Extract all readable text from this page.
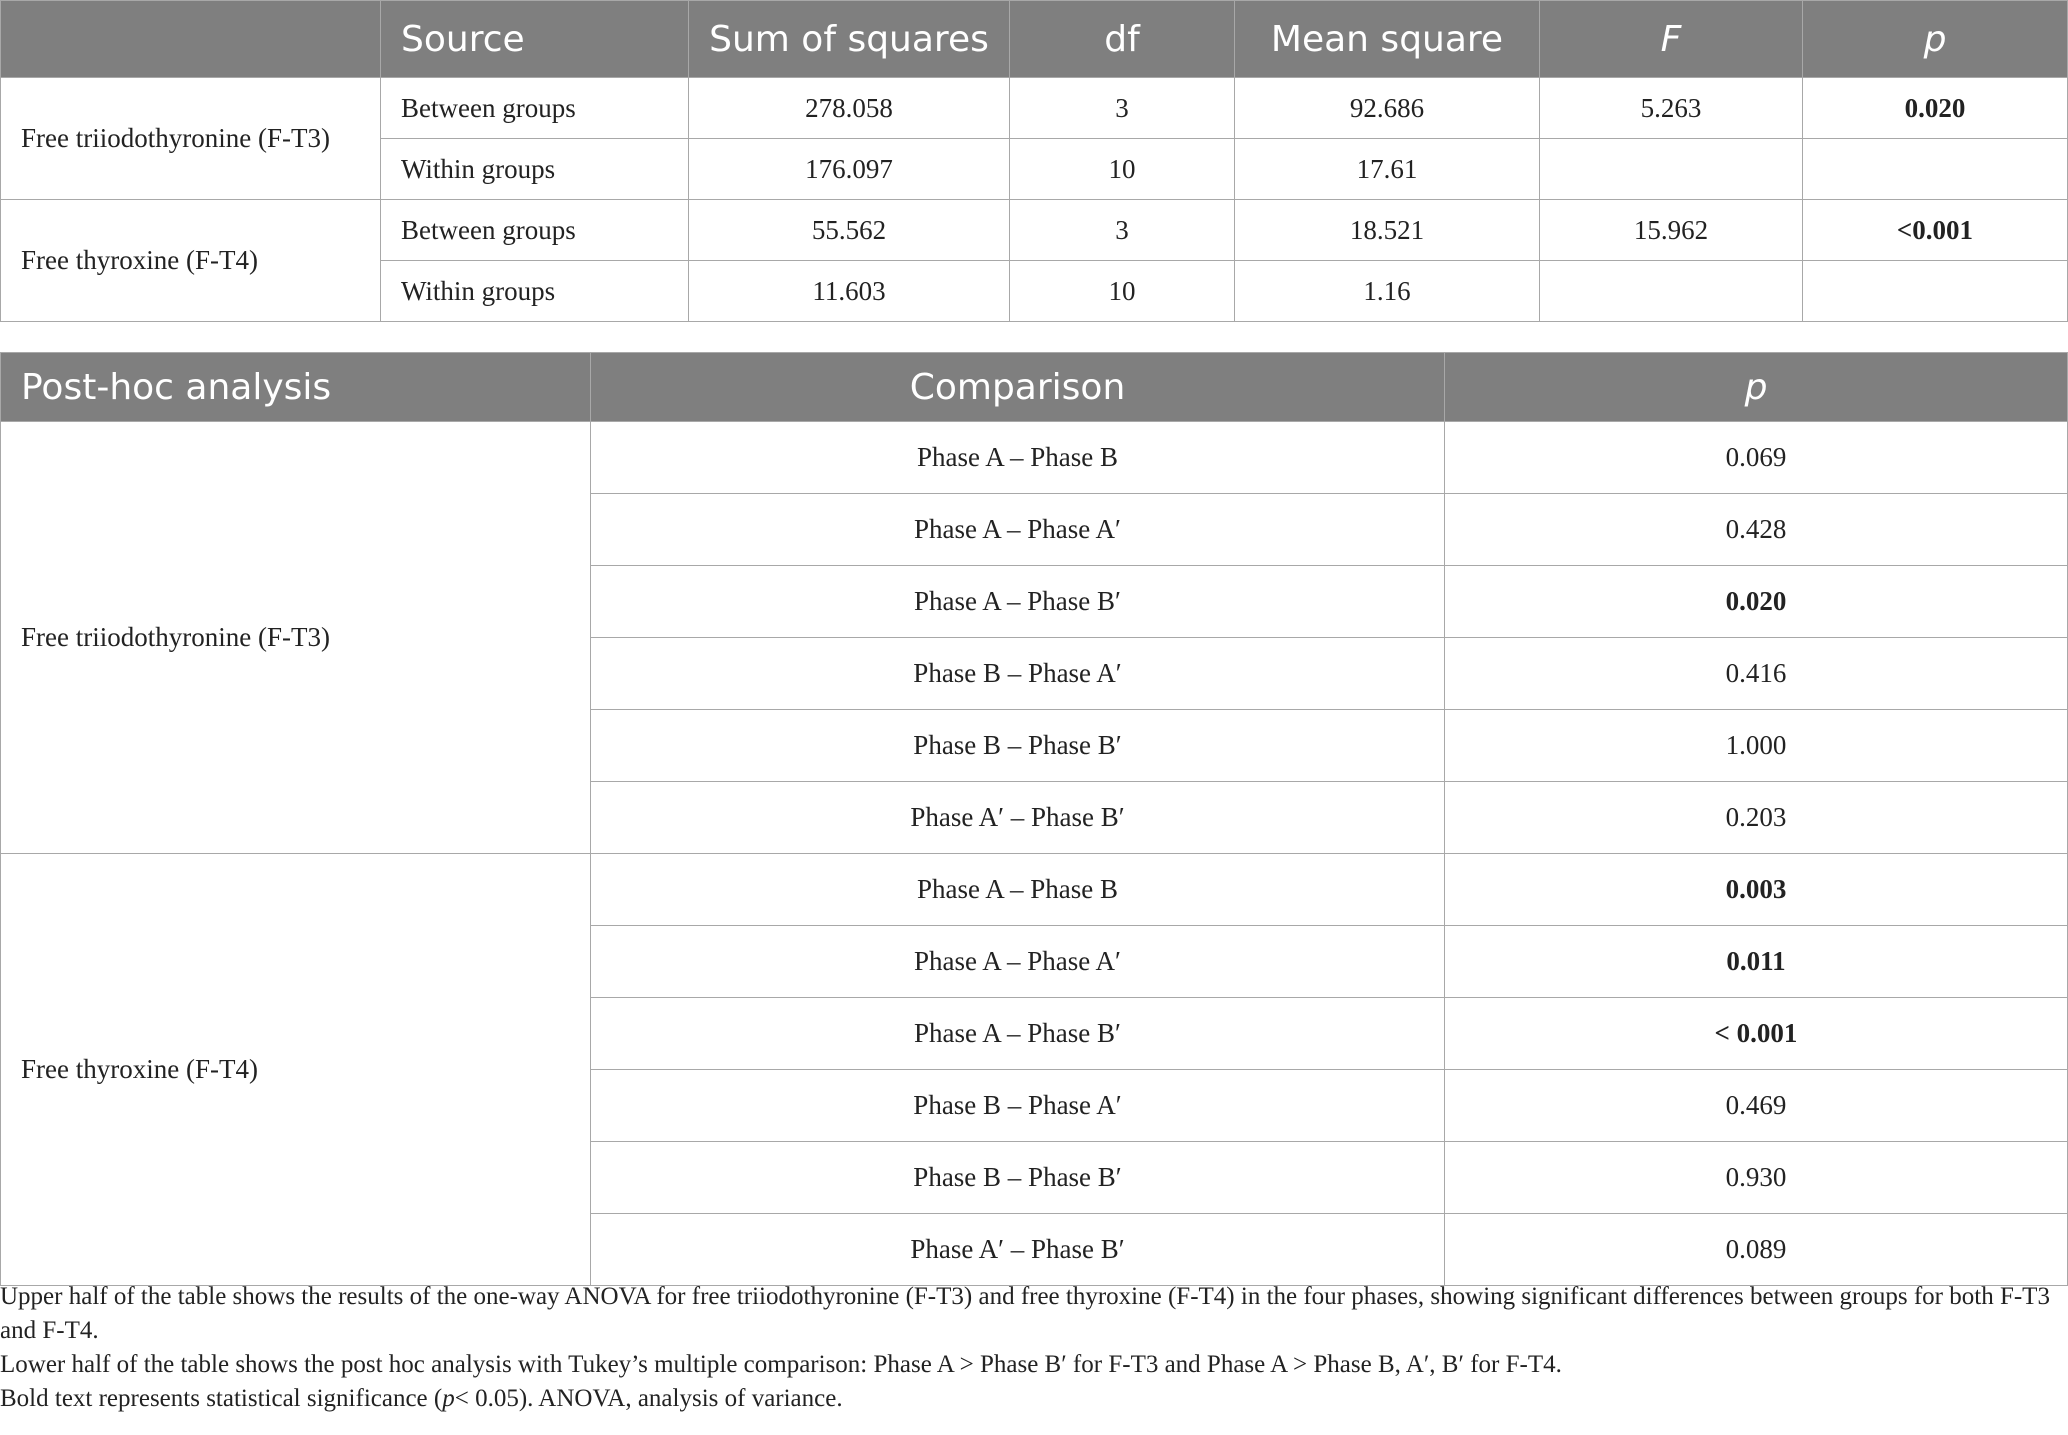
	Source	Sum of squares	df	Mean square	F	p
Free triiodothyronine (F-T3)	Between groups	278.058	3	92.686	5.263	0.020
	Within groups	176.097	10	17.61		
Free thyroxine (F-T4)	Between groups	55.562	3	18.521	15.962	<0.001
	Within groups	11.603	10	1.16		
Post-hoc analysis	Comparison	p
Free triiodothyronine (F-T3)	Phase A – Phase B	0.069
	Phase A – Phase A′	0.428
	Phase A – Phase B′	0.020
	Phase B – Phase A′	0.416
	Phase B – Phase B′	1.000
	Phase A′ – Phase B′	0.203
Free thyroxine (F-T4)	Phase A – Phase B	0.003
	Phase A – Phase A′	0.011
	Phase A – Phase B′	< 0.001
	Phase B – Phase A′	0.469
	Phase B – Phase B′	0.930
	Phase A′ – Phase B′	0.089

Upper half of the table shows the results of the one-way ANOVA for free triiodothyronine (F-T3) and free thyroxine (F-T4) in the four phases, showing significant differences between groups for both F-T3 and F-T4.

Lower half of the table shows the post hoc analysis with Tukey’s multiple comparison: Phase A > Phase B′ for F-T3 and Phase A > Phase B, A′, B′ for F-T4.

Bold text represents statistical significance (p< 0.05). ANOVA, analysis of variance.
